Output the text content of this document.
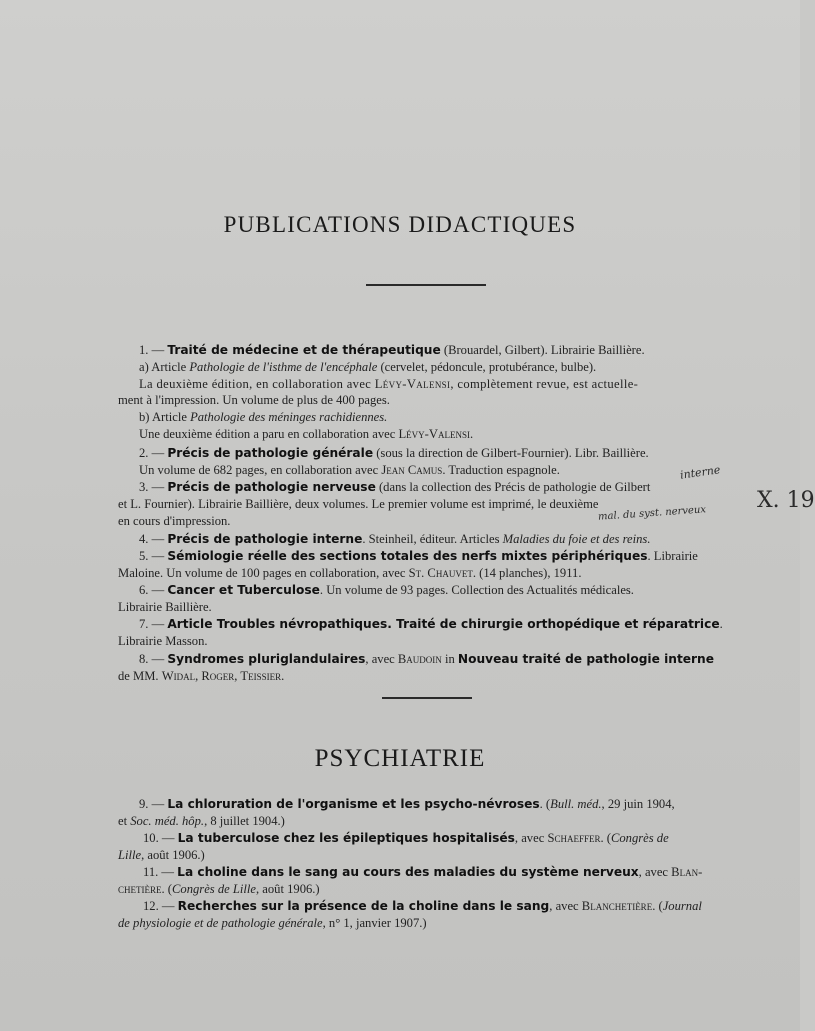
PUBLICATIONS DIDACTIQUES
1. — Traité de médecine et de thérapeutique (Brouardel, Gilbert). Librairie Baillière.
a) Article Pathologie de l'isthme de l'encéphale (cervelet, pédoncule, protubérance, bulbe).
La deuxième édition, en collaboration avec Lévy-Valensi, complètement revue, est actuelle-
ment à l'impression. Un volume de plus de 400 pages.
b) Article Pathologie des méninges rachidiennes.
Une deuxième édition a paru en collaboration avec Lévy-Valensi.
2. — Précis de pathologie générale (sous la direction de Gilbert-Fournier). Libr. Baillière.
Un volume de 682 pages, en collaboration avec Jean Camus. Traduction espagnole.
3. — Précis de pathologie nerveuse (dans la collection des Précis de pathologie de Gilbert
et L. Fournier). Librairie Baillière, deux volumes. Le premier volume est imprimé, le deuxième
en cours d'impression.
interne
mal. du syst. nerveux
X. 19
4. — Précis de pathologie interne. Steinheil, éditeur. Articles Maladies du foie et des reins.
5. — Sémiologie réelle des sections totales des nerfs mixtes périphériques. Librairie
Maloine. Un volume de 100 pages en collaboration, avec St. Chauvet. (14 planches), 1911.
6. — Cancer et Tuberculose. Un volume de 93 pages. Collection des Actualités médicales.
Librairie Baillière.
7. — Article Troubles névropathiques. Traité de chirurgie orthopédique et réparatrice.
Librairie Masson.
8. — Syndromes pluriglandulaires, avec Baudoin in Nouveau traité de pathologie interne
de MM. Widal, Roger, Teissier.
PSYCHIATRIE
9. — La chloruration de l'organisme et les psycho-névroses. (Bull. méd., 29 juin 1904,
et Soc. méd. hôp., 8 juillet 1904.)
10. — La tuberculose chez les épileptiques hospitalisés, avec Schaeffer. (Congrès de
Lille, août 1906.)
11. — La choline dans le sang au cours des maladies du système nerveux, avec Blan-
chetière. (Congrès de Lille, août 1906.)
12. — Recherches sur la présence de la choline dans le sang, avec Blanchetière. (Journal
de physiologie et de pathologie générale, n° 1, janvier 1907.)
